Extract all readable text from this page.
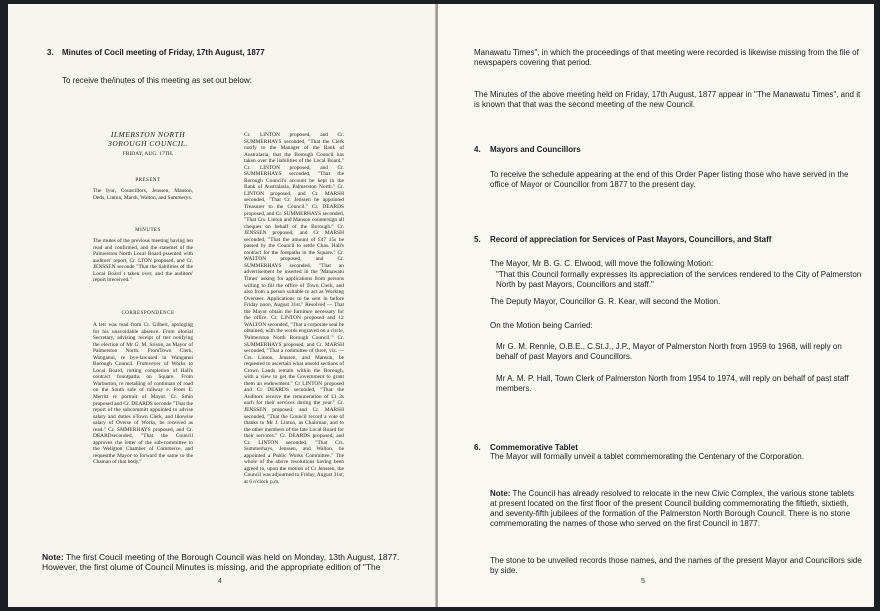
3. Minutes of Cocil meeting of Friday, 17th August, 1877

To receive the/inutes of this meeting as set out below:

ILMERSTON NORTH

ЗOROUGH COUNCIL.

FRIDAY, AUG. 17TH.

PRESENT

The Ιyor, Councillors, Jenssen, Manson, Deds, Linton, Marsh, Walton, and Summerys.

MINUTES

The mutes of the previous meeting having len read and confirmed, and the statemet of the Palmerston North Local Board pssented with auditors' report, Cr. LTON proposed, and Cr. JENSSEN seconde "That the liabilities of the Local Board t taken over, and the auditors' report breceived."

CORRESPONDENCE

A letr was read from Cr. Gilbert, apologing for his unavoidable absence. From oIonial Secretary, advising receipt of tter notifying the election of Mr G. M. Srison, as Mayor of Palmerston North. FromTown Clerk, Wanganui, re bye-lawused in Wanganui Borough Council. Fromveyer of Works to Local Board, rorting completion of Hall's contract fonotpaths on Square. From Warburton, re metalling of continuan of road on the South side of railway e. From E. Merritt re portrait of Mayor. Cr. Smin proposed and Cr. DEARDS seconde "That the report of the subcommitt appointed to advise salary and duties oTown Clerk, and likewise salary of Overse of Works, be received as read." Cr. SMMERHAYS proposed, and Cr. DEARDseconded, "That the Council approves che letter of the sub-committee to the Wellgton Chamber of Commerce, and requestthe Mayor to forward the same to the Chaman of that body."

Cr. LINTON proposed, and Cr. SUMMERHAYS seconded, "That the Clerk notify to the Manager of the Bank of Australasia, that the Borough Council has taken over the liabilities of the Local Board." Cr. LINTON proposed, and Cr. SUMMERHAYS seconded, "That the Borough Council's account be kept in the Bank of Australasia, Palmerston North." Cr. LINTON proposed, and Cr. MARSH seconded, "That Cr. Jenssen be appointed Treasurer to the Council." Cr. DEARDS proposed, and Cr. SUMMERHAYS seconded, "That Crs. Linton and Manson countersign all cheques on behalf of the Borough." Cr. JENSSEN proposed, and Cr MARSH seconded, "That the amount of £47 15s be passed by the Council to settle Chas. Hall's contract for the footpaths in the Square." Cr. WALTON proposed, and Cr. SUMMERHAYS seconded, "That an advertisement be inserted in the 'Manawatu Times' asking for applications from persons willing to fill the office of Town Clerk, and also from a person suitable to act as Working Overseer. Applications to be sent in before Friday noon, August 31st." Resolved — That the Mayor obtain the furniture necessary for the office. Cr. LINTON proposed and Cr WALTON seconded, "That a corporate seal be obtained, with the words engraved on a circle, 'Palmerston North Borough Council.'" Cr. SUMMERHAYS proposed, and Cr. MARSH seconded, "That a committee of three, viz. — Crs. Linton, Jenssen, and Manson, be requested to ascertain what unsold sections of Crown Lands remain within the Borough, with a view to get the Government to grant them an endowment." Cr LINTON proposed and Cr DEARDS seconded, "That the Auditors receive the remuneration of £1 3s each for their services during the year." Cr. JENSSEN proposed, and Cr. MARSH seconded, "That the Council record a vote of thanks to Mr J. Linton, as Chairman, and to the other members of the late Local Board for their services." Cr. DEARDS proposed, and Cr. LINTON seconded, "That Crs. Summerhays, Jenssen, and Walton, be appointed a Public Works Committee." The whole of the above resolutions having been agreed to, upon the motion of Cr Jenssen, the Council was adjourned to Friday, August 31st, at 6 o'clock p.m.

Note: The first Coucil meeting of the Borough Council was held on Monday, 13th August, 1877. However, the first olume of Council Minutes is missing, and the appropriate edition of "The

4

Manawatu Times", in which the proceedings of that meeting were recorded is likewise missing from the file of newspapers covering that period.

The Minutes of the above meeting held on Friday, 17th August, 1877 appear in "The Manawatu Times", and it is known that that was the second meeting of the new Council.

4. Mayors and Councillors

To receive the schedule appearing at the end of this Order Paper listing those who have served in the office of Mayor or Councillor from 1877 to the present day.

5. Record of appreciation for Services of Past Mayors, Councillors, and Staff

The Mayor, Mr B. G. C. Elwood, will move the following Motion:

"That this Council formally expresses its appreciation of the services rendered to the City of Palmerston North by past Mayors, Councillors and staff."

The Deputy Mayor, Councillor G. R. Kear, will second the Motion.

On the Motion being Carried:

Mr G. M. Rennie, O.B.E., C.St.J., J.P., Mayor of Palmerston North from 1959 to 1968, will reply on behalf of past Mayors and Councillors.

Mr A. M. P. Hall, Town Clerk of Palmerston North from 1954 to 1974, will reply on behalf of past staff members.

6. Commemorative Tablet

The Mayor will formally unveil a tablet commemorating the Centenary of the Corporation.

Note: The Council has already resolved to relocate in the new Civic Complex, the various stone tablets at present located on the first floor of the present Council building commemorating the fiftieth, sixtieth, and seventy-fifth jubilees of the formation of the Palmerston North Borough Council. There is no stone commemorating the names of those who served on the first Council in 1877.

The stone to be unveiled records those names, and the names of the present Mayor and Councillors side by side.

5
